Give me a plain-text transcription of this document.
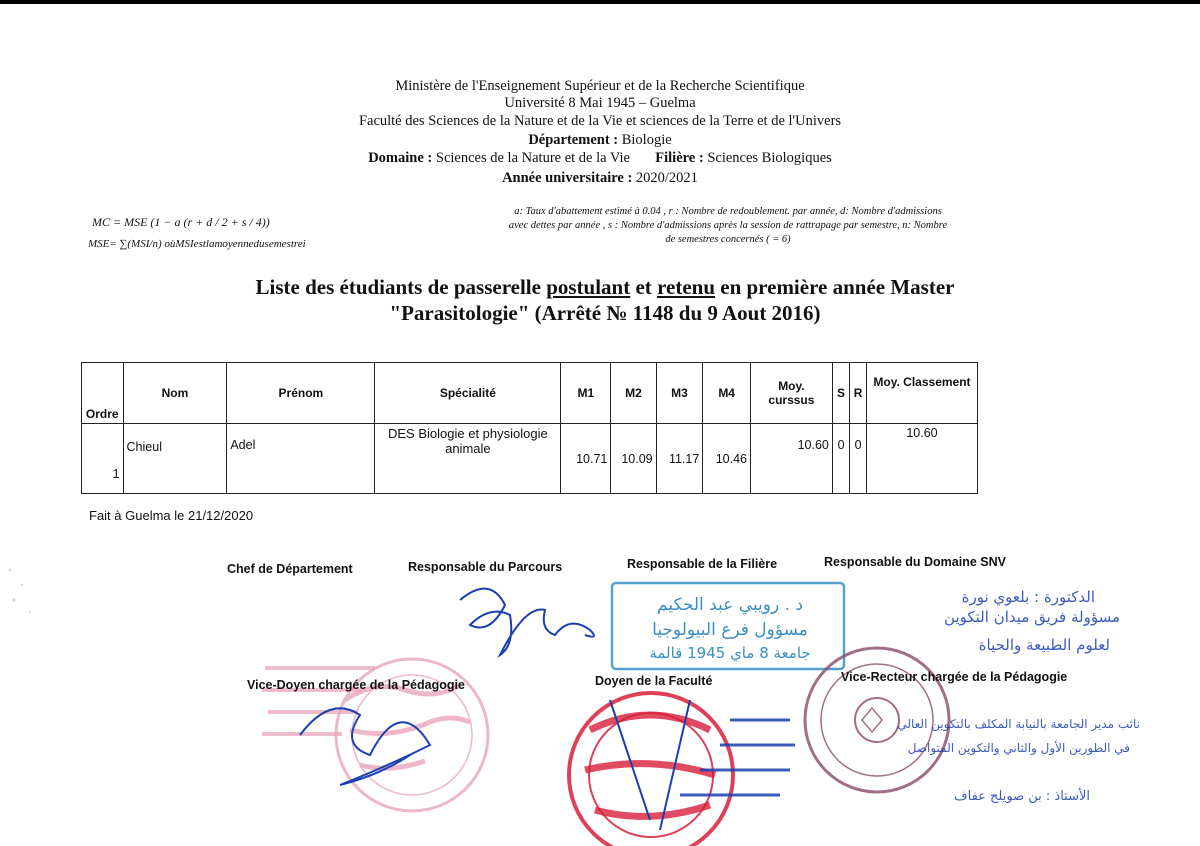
Ministère de l'Enseignement Supérieur et de la Recherche Scientifique
Université 8 Mai 1945 – Guelma
Faculté des Sciences de la Nature et de la Vie et sciences de la Terre et de l'Univers
Département : Biologie
Domaine : Sciences de la Nature et de la Vie Filière : Sciences Biologiques
Année universitaire : 2020/2021
MC = MSE (1 − a (r + d / 2 + s / 4))
MSE= ∑(MSI/n) oùMSIestlamoyennedusemestrei
a: Taux d'abattement estimé à 0.04 , r : Nombre de redoublement. par année, d: Nombre d'admissions
avec dettes par année , s : Nombre d'admissions après la session de rattrapage par semestre, n: Nombre
de semestres concernés ( = 6)
Liste des étudiants de passerelle postulant et retenu en première année Master
"Parasitologie" (Arrêté № 1148 du 9 Aout 2016)
Ordre	Nom	Prénom	Spécialité	M1	M2	M3	M4	Moy. curssus	S	R	Moy. Classement
1	Chieul	Adel	DES Biologie et physiologie animale	10.71	10.09	11.17	10.46	10.60	0	0	10.60
Fait à Guelma le 21/12/2020
Chef de Département	Responsable du Parcours	Responsable de la Filière	Responsable du Domaine SNV
د . رويبي عبد الحكيم
مسؤول فرع البيولوجيا
جامعة 8 ماي 1945 قالمة
الدكتورة : بلعوي نورة
مسؤولة فريق ميدان التكوين
لعلوم الطبيعة والحياة
نائب مدير الجامعة بالنيابة المكلف بالتكوين العالي
في الطورين الأول والثاني والتكوين المتواصل
الأستاذ : بن صويلح عفاف
Vice-Doyen chargée de la Pédagogie	Doyen de la Faculté	Vice-Recteur chargée de la Pédagogie
